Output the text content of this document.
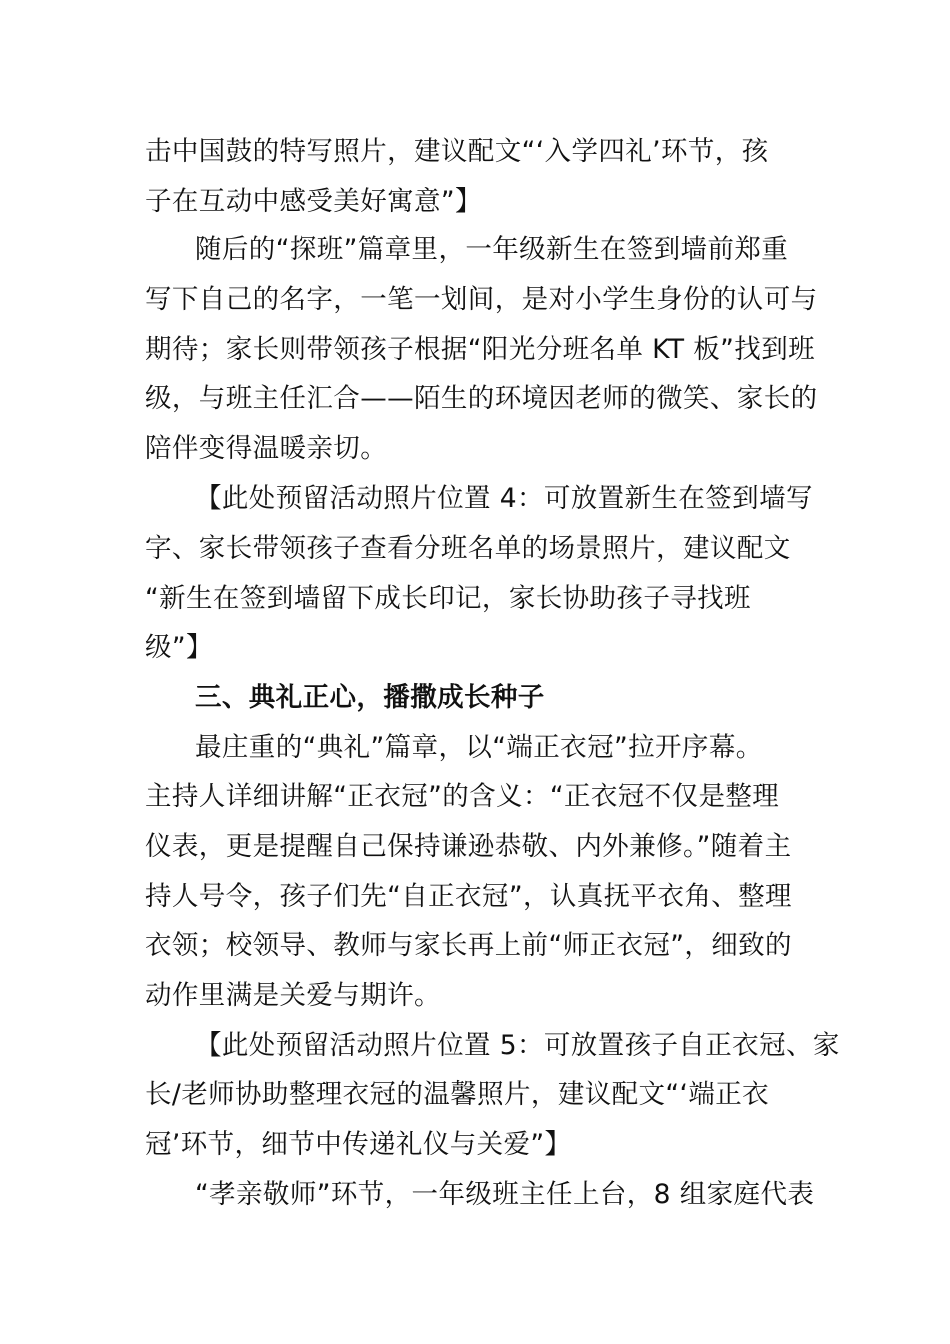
击中国鼓的特写照片，建议配文“‘入学四礼’环节，孩
子在互动中感受美好寓意”】
随后的“探班”篇章里，一年级新生在签到墙前郑重
写下自己的名字，一笔一划间，是对小学生身份的认可与
期待；家长则带领孩子根据“阳光分班名单 KT 板”找到班
级，与班主任汇合——陌生的环境因老师的微笑、家长的
陪伴变得温暖亲切。
【此处预留活动照片位置 4：可放置新生在签到墙写
字、家长带领孩子查看分班名单的场景照片，建议配文
“新生在签到墙留下成长印记，家长协助孩子寻找班
级”】
三、典礼正心，播撒成长种子
最庄重的“典礼”篇章，以“端正衣冠”拉开序幕。
主持人详细讲解“正衣冠”的含义：“正衣冠不仅是整理
仪表，更是提醒自己保持谦逊恭敬、内外兼修。”随着主
持人号令，孩子们先“自正衣冠”，认真抚平衣角、整理
衣领；校领导、教师与家长再上前“师正衣冠”，细致的
动作里满是关爱与期许。
【此处预留活动照片位置 5：可放置孩子自正衣冠、家
长/老师协助整理衣冠的温馨照片，建议配文“‘端正衣
冠’环节，细节中传递礼仪与关爱”】
“孝亲敬师”环节，一年级班主任上台，8 组家庭代表
